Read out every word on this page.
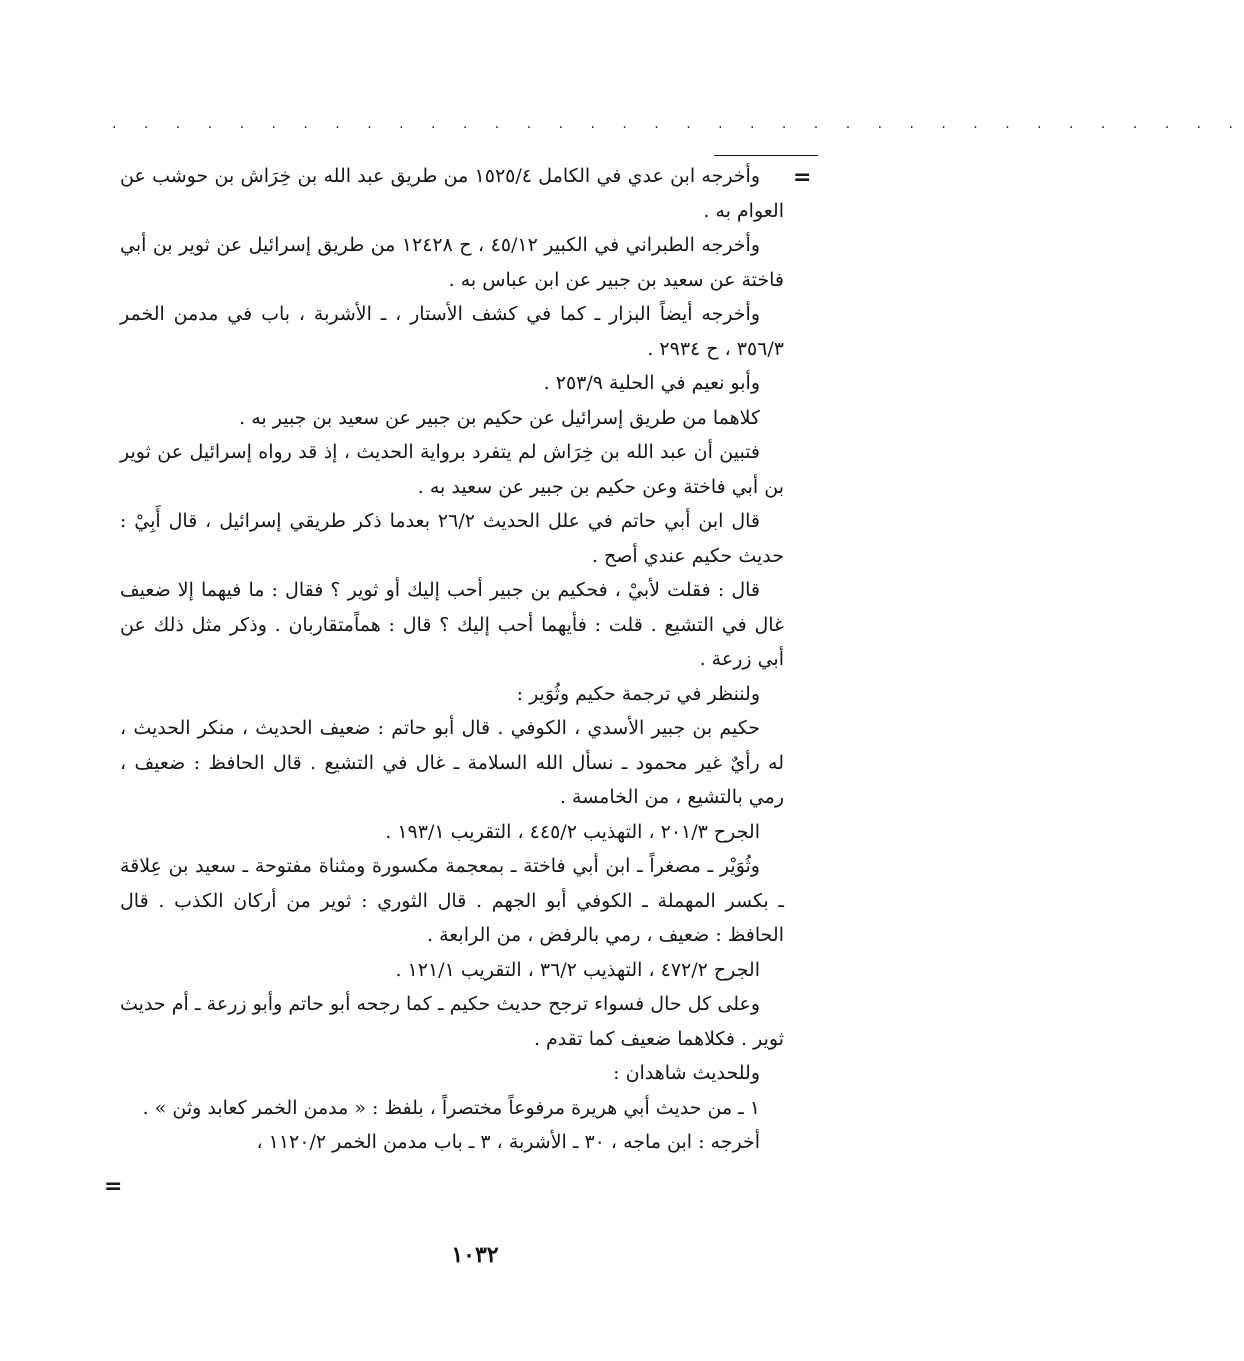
. . . . . . . . . . . . . . . . . . . . . . . . . . . . . . . . . . . .
=

وأخرجه ابن عدي في الكامل ١٥٢٥/٤ من طريق عبد الله بن خِرَاش بن حوشب عن العوام به .

وأخرجه الطبراني في الكبير ٤٥/١٢ ، ح ١٢٤٢٨ من طريق إسرائيل عن ثوير بن أبي فاختة عن سعيد بن جبير عن ابن عباس به .

وأخرجه أيضاً البزار ـ كما في كشف الأستار ، ـ الأشربة ، باب في مدمن الخمر ٣٥٦/٣ ، ح ٢٩٣٤ .

وأبو نعيم في الحلية ٢٥٣/٩ .

كلاهما من طريق إسرائيل عن حكيم بن جبير عن سعيد بن جبير به .

فتبين أن عبد الله بن خِرَاش لم يتفرد برواية الحديث ، إذ قد رواه إسرائيل عن ثوير بن أبي فاختة وعن حكيم بن جبير عن سعيد به .

قال ابن أبي حاتم في علل الحديث ٢٦/٢ بعدما ذكر طريقي إسرائيل ، قال أَبِيْ : حديث حكيم عندي أصح .

قال : فقلت لأبيْ ، فحكيم بن جبير أحب إليك أو ثوير ؟ فقال : ما فيهما إلا ضعيف غال في التشيع . قلت : فأيهما أحب إليك ؟ قال : هماًمتقاربان . وذكر مثل ذلك عن أبي زرعة .

ولننظر في ترجمة حكيم وثُوَير :

حكيم بن جبير الأسدي ، الكوفي . قال أبو حاتم : ضعيف الحديث ، منكر الحديث ، له رأيٌ غير محمود ـ نسأل الله السلامة ـ غال في التشيع . قال الحافظ : ضعيف ، رمي بالتشيع ، من الخامسة .

الجرح ٢٠١/٣ ، التهذيب ٤٤٥/٢ ، التقريب ١٩٣/١ .

وثُوَيْر ـ مصغراً ـ ابن أبي فاختة ـ بمعجمة مكسورة ومثناة مفتوحة ـ سعيد بن عِلاقة ـ بكسر المهملة ـ الكوفي أبو الجهم . قال الثوري : ثوير من أركان الكذب . قال الحافظ : ضعيف ، رمي بالرفض ، من الرابعة .

الجرح ٤٧٢/٢ ، التهذيب ٣٦/٢ ، التقريب ١٢١/١ .

وعلى كل حال فسواء ترجح حديث حكيم ـ كما رجحه أبو حاتم وأبو زرعة ـ أم حديث ثوير . فكلاهما ضعيف كما تقدم .

وللحديث شاهدان :

١ ـ من حديث أبي هريرة مرفوعاً مختصراً ، بلفظ : « مدمن الخمر كعابد وثن » .

أخرجه : ابن ماجه ، ٣٠ ـ الأشربة ، ٣ ـ باب مدمن الخمر ١١٢٠/٢ ،

=
١٠٣٢
